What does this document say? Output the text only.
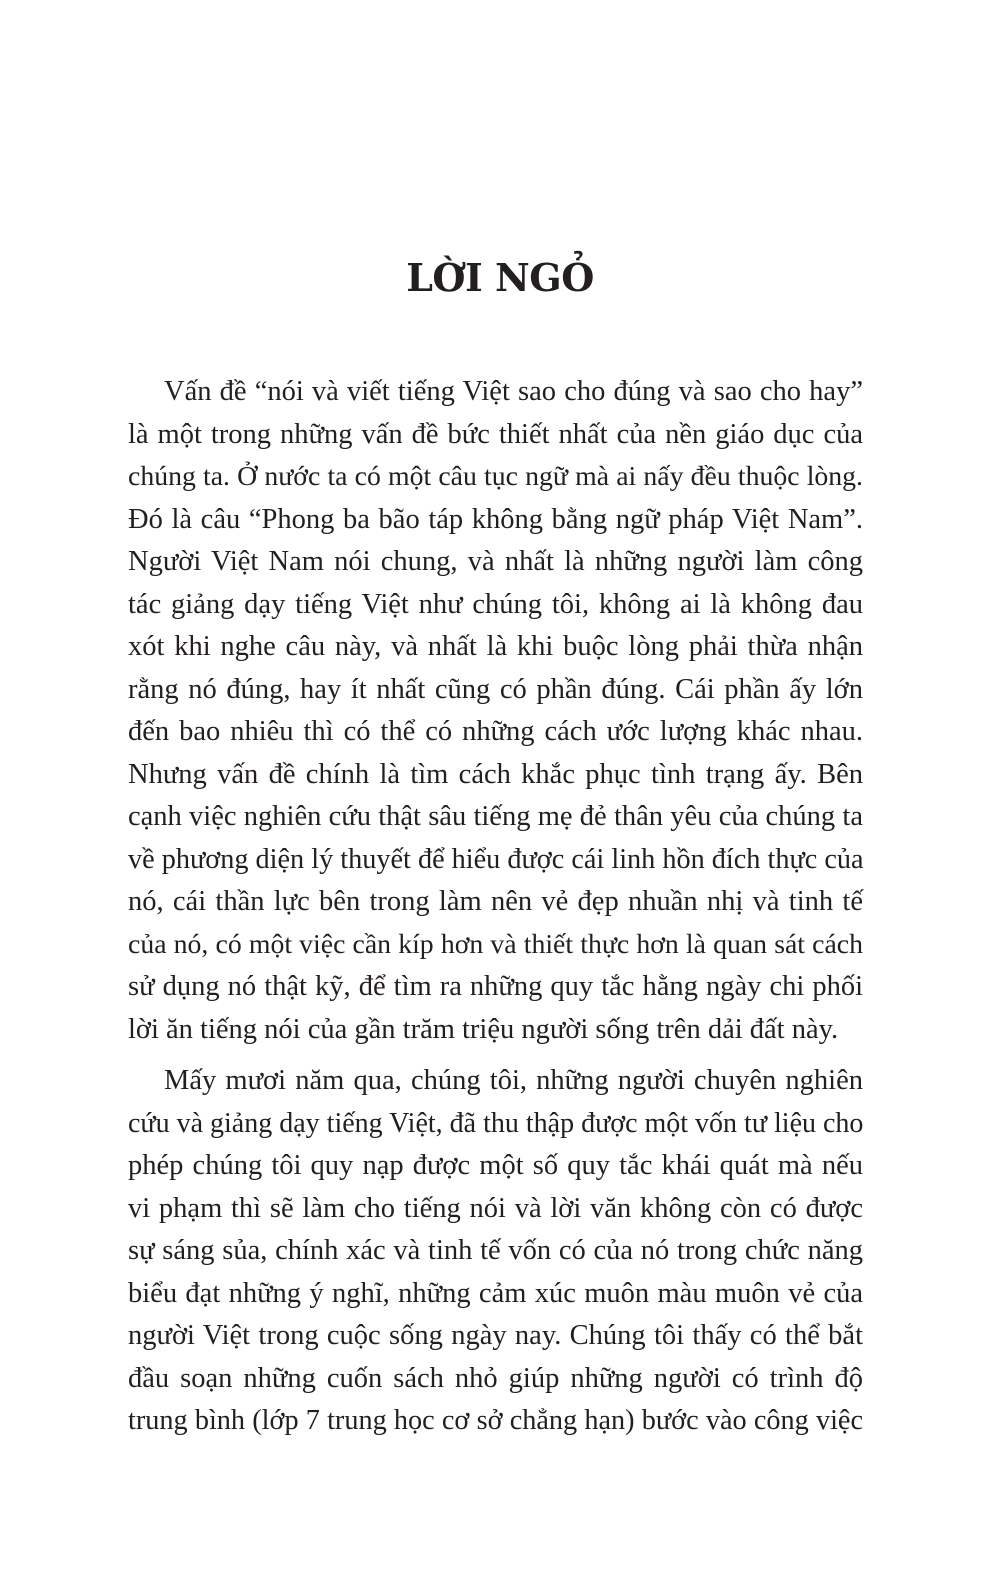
LỜI NGỎ

Vấn đề “nói và viết tiếng Việt sao cho đúng và sao cho hay”
là một trong những vấn đề bức thiết nhất của nền giáo dục của
chúng ta. Ở nước ta có một câu tục ngữ mà ai nấy đều thuộc lòng.
Đó là câu “Phong ba bão táp không bằng ngữ pháp Việt Nam”.
Người Việt Nam nói chung, và nhất là những người làm công
tác giảng dạy tiếng Việt như chúng tôi, không ai là không đau
xót khi nghe câu này, và nhất là khi buộc lòng phải thừa nhận
rằng nó đúng, hay ít nhất cũng có phần đúng. Cái phần ấy lớn
đến bao nhiêu thì có thể có những cách ước lượng khác nhau.
Nhưng vấn đề chính là tìm cách khắc phục tình trạng ấy. Bên
cạnh việc nghiên cứu thật sâu tiếng mẹ đẻ thân yêu của chúng ta
về phương diện lý thuyết để hiểu được cái linh hồn đích thực của
nó, cái thần lực bên trong làm nên vẻ đẹp nhuần nhị và tinh tế
của nó, có một việc cần kíp hơn và thiết thực hơn là quan sát cách
sử dụng nó thật kỹ, để tìm ra những quy tắc hằng ngày chi phối
lời ăn tiếng nói của gần trăm triệu người sống trên dải đất này.

Mấy mươi năm qua, chúng tôi, những người chuyên nghiên
cứu và giảng dạy tiếng Việt, đã thu thập được một vốn tư liệu cho
phép chúng tôi quy nạp được một số quy tắc khái quát mà nếu
vi phạm thì sẽ làm cho tiếng nói và lời văn không còn có được
sự sáng sủa, chính xác và tinh tế vốn có của nó trong chức năng
biểu đạt những ý nghĩ, những cảm xúc muôn màu muôn vẻ của
người Việt trong cuộc sống ngày nay. Chúng tôi thấy có thể bắt
đầu soạn những cuốn sách nhỏ giúp những người có trình độ
trung bình (lớp 7 trung học cơ sở chẳng hạn) bước vào công việc
